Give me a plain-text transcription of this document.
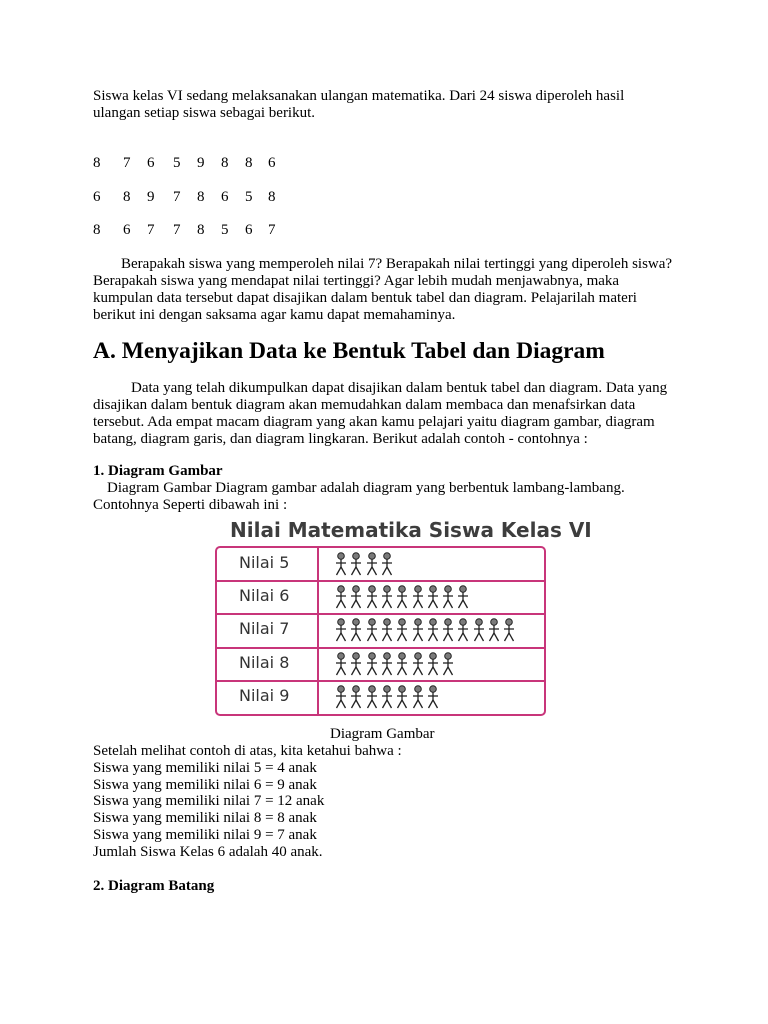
Siswa kelas VI sedang melaksanakan ulangan matematika. Dari 24 siswa diperoleh hasil ulangan setiap siswa sebagai berikut.

8 7 6 5 9 8 8 6
6 8 9 7 8 6 5 8
8 6 7 7 8 5 6 7

Berapakah siswa yang memperoleh nilai 7? Berapakah nilai tertinggi yang diperoleh siswa? Berapakah siswa yang mendapat nilai tertinggi? Agar lebih mudah menjawabnya, maka kumpulan data tersebut dapat disajikan dalam bentuk tabel dan diagram. Pelajarilah materi berikut ini dengan saksama agar kamu dapat memahaminya.

A. Menyajikan Data ke Bentuk Tabel dan Diagram

Data yang telah dikumpulkan dapat disajikan dalam bentuk tabel dan diagram. Data yang disajikan dalam bentuk diagram akan memudahkan dalam membaca dan menafsirkan data tersebut. Ada empat macam diagram yang akan kamu pelajari yaitu diagram gambar, diagram batang, diagram garis, dan diagram lingkaran. Berikut adalah contoh - contohnya :

1. Diagram Gambar

Diagram Gambar Diagram gambar adalah diagram yang berbentuk lambang-lambang. Contohnya Seperti dibawah ini :

Nilai Matematika Siswa Kelas VI

Nilai 5
Nilai 6
Nilai 7
Nilai 8
Nilai 9

Diagram Gambar

Setelah melihat contoh di atas, kita ketahui bahwa :
Siswa yang memiliki nilai 5 = 4 anak
Siswa yang memiliki nilai 6 = 9 anak
Siswa yang memiliki nilai 7 = 12 anak
Siswa yang memiliki nilai 8 = 8 anak
Siswa yang memiliki nilai 9 = 7 anak
Jumlah Siswa Kelas 6 adalah 40 anak.

2. Diagram Batang
